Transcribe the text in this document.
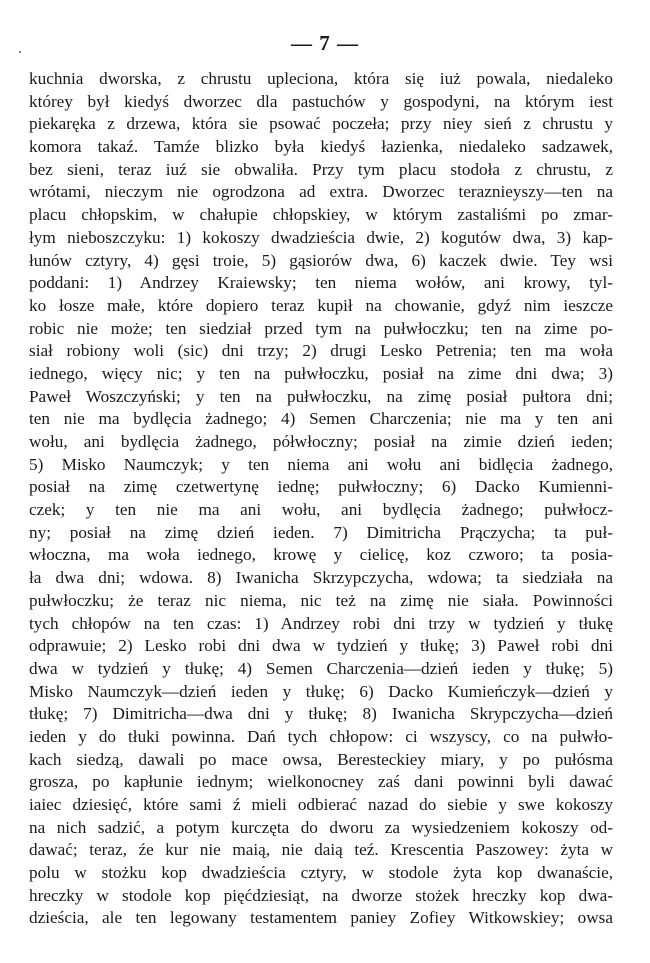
— 7 —
kuchnia dworska, z chrustu upleciona, która się iuż powala, niedaleko
którey był kiedyś dworzec dla pastuchów y gospodyni, na którym iest
piekaręka z drzewa, która sie psować poczeła; przy niey sień z chrustu y
komora takaź. Tamźe blizko była kiedyś łazienka, niedaleko sadzawek,
bez sieni, teraz iuź sie obwaliła. Przy tym placu stodoła z chrustu, z
wrótami, nieczym nie ogrodzona ad extra. Dworzec teraznieyszy—ten na
placu chłopskim, w chałupie chłopskiey, w którym zastaliśmi po zmar-
łym nieboszczyku: 1) kokoszy dwadzieścia dwie, 2) kogutów dwa, 3) kap-
łunów cztyry, 4) gęsi troie, 5) gąsiorów dwa, 6) kaczek dwie. Tey wsi
poddani: 1) Andrzey Kraiewsky; ten niema wołów, ani krowy, tyl-
ko łosze małe, które dopiero teraz kupił na chowanie, gdyź nim ieszcze
robic nie może; ten siedział przed tym na pułwłoczku; ten na zime po-
siał robiony woli (sic) dni trzy; 2) drugi Lesko Petrenia; ten ma woła
iednego, więcy nic; y ten na pułwłoczku, posiał na zime dni dwa; 3)
Paweł Woszczyński; y ten na pułwłoczku, na zimę posiał pułtora dni;
ten nie ma bydlęcia żadnego; 4) Semen Charczenia; nie ma y ten ani
wołu, ani bydlęcia żadnego, półwłoczny; posiał na zimie dzień ieden;
5) Misko Naumczyk; y ten niema ani wołu ani bidlęcia żadnego,
posiał na zimę czetwertynę iednę; pułwłoczny; 6) Dacko Kumienni-
czek; y ten nie ma ani wołu, ani bydlęcia żadnego; pułwłocz-
ny; posiał na zimę dzień ieden. 7) Dimitricha Prączycha; ta puł-
włoczna, ma woła iednego, krowę y cielicę, koz czworo; ta posia-
ła dwa dni; wdowa. 8) Iwanicha Skrzypczycha, wdowa; ta siedziała na
pułwłoczku; że teraz nic niema, nic też na zimę nie siała. Powinności
tych chłopów na ten czas: 1) Andrzey robi dni trzy w tydzień y tłukę
odprawuie; 2) Lesko robi dni dwa w tydzień y tłukę; 3) Paweł robi dni
dwa w tydzień y tłukę; 4) Semen Charczenia—dzień ieden y tłukę; 5)
Misko Naumczyk—dzień ieden y tłukę; 6) Dacko Kumieńczyk—dzień y
tłukę; 7) Dimitricha—dwa dni y tłukę; 8) Iwanicha Skrypczycha—dzień
ieden y do tłuki powinna. Dań tych chłopow: ci wszyscy, co na pułwło-
kach siedzą, dawali po mace owsa, Beresteckiey miary, y po pułósma
grosza, po kapłunie iednym; wielkonocney zaś dani powinni byli dawać
iaiec dziesięć, które sami ź mieli odbierać nazad do siebie y swe kokoszy
na nich sadzić, a potym kurczęta do dworu za wysiedzeniem kokoszy od-
dawać; teraz, źe kur nie maią, nie daią teź. Krescentia Paszowey: żyta w
polu w stożku kop dwadzieścia cztyry, w stodole żyta kop dwanaście,
hreczky w stodole kop pięćdziesiąt, na dworze stożek hreczky kop dwa-
dzieścia, ale ten legowany testamentem paniey Zofiey Witkowskiey; owsa
